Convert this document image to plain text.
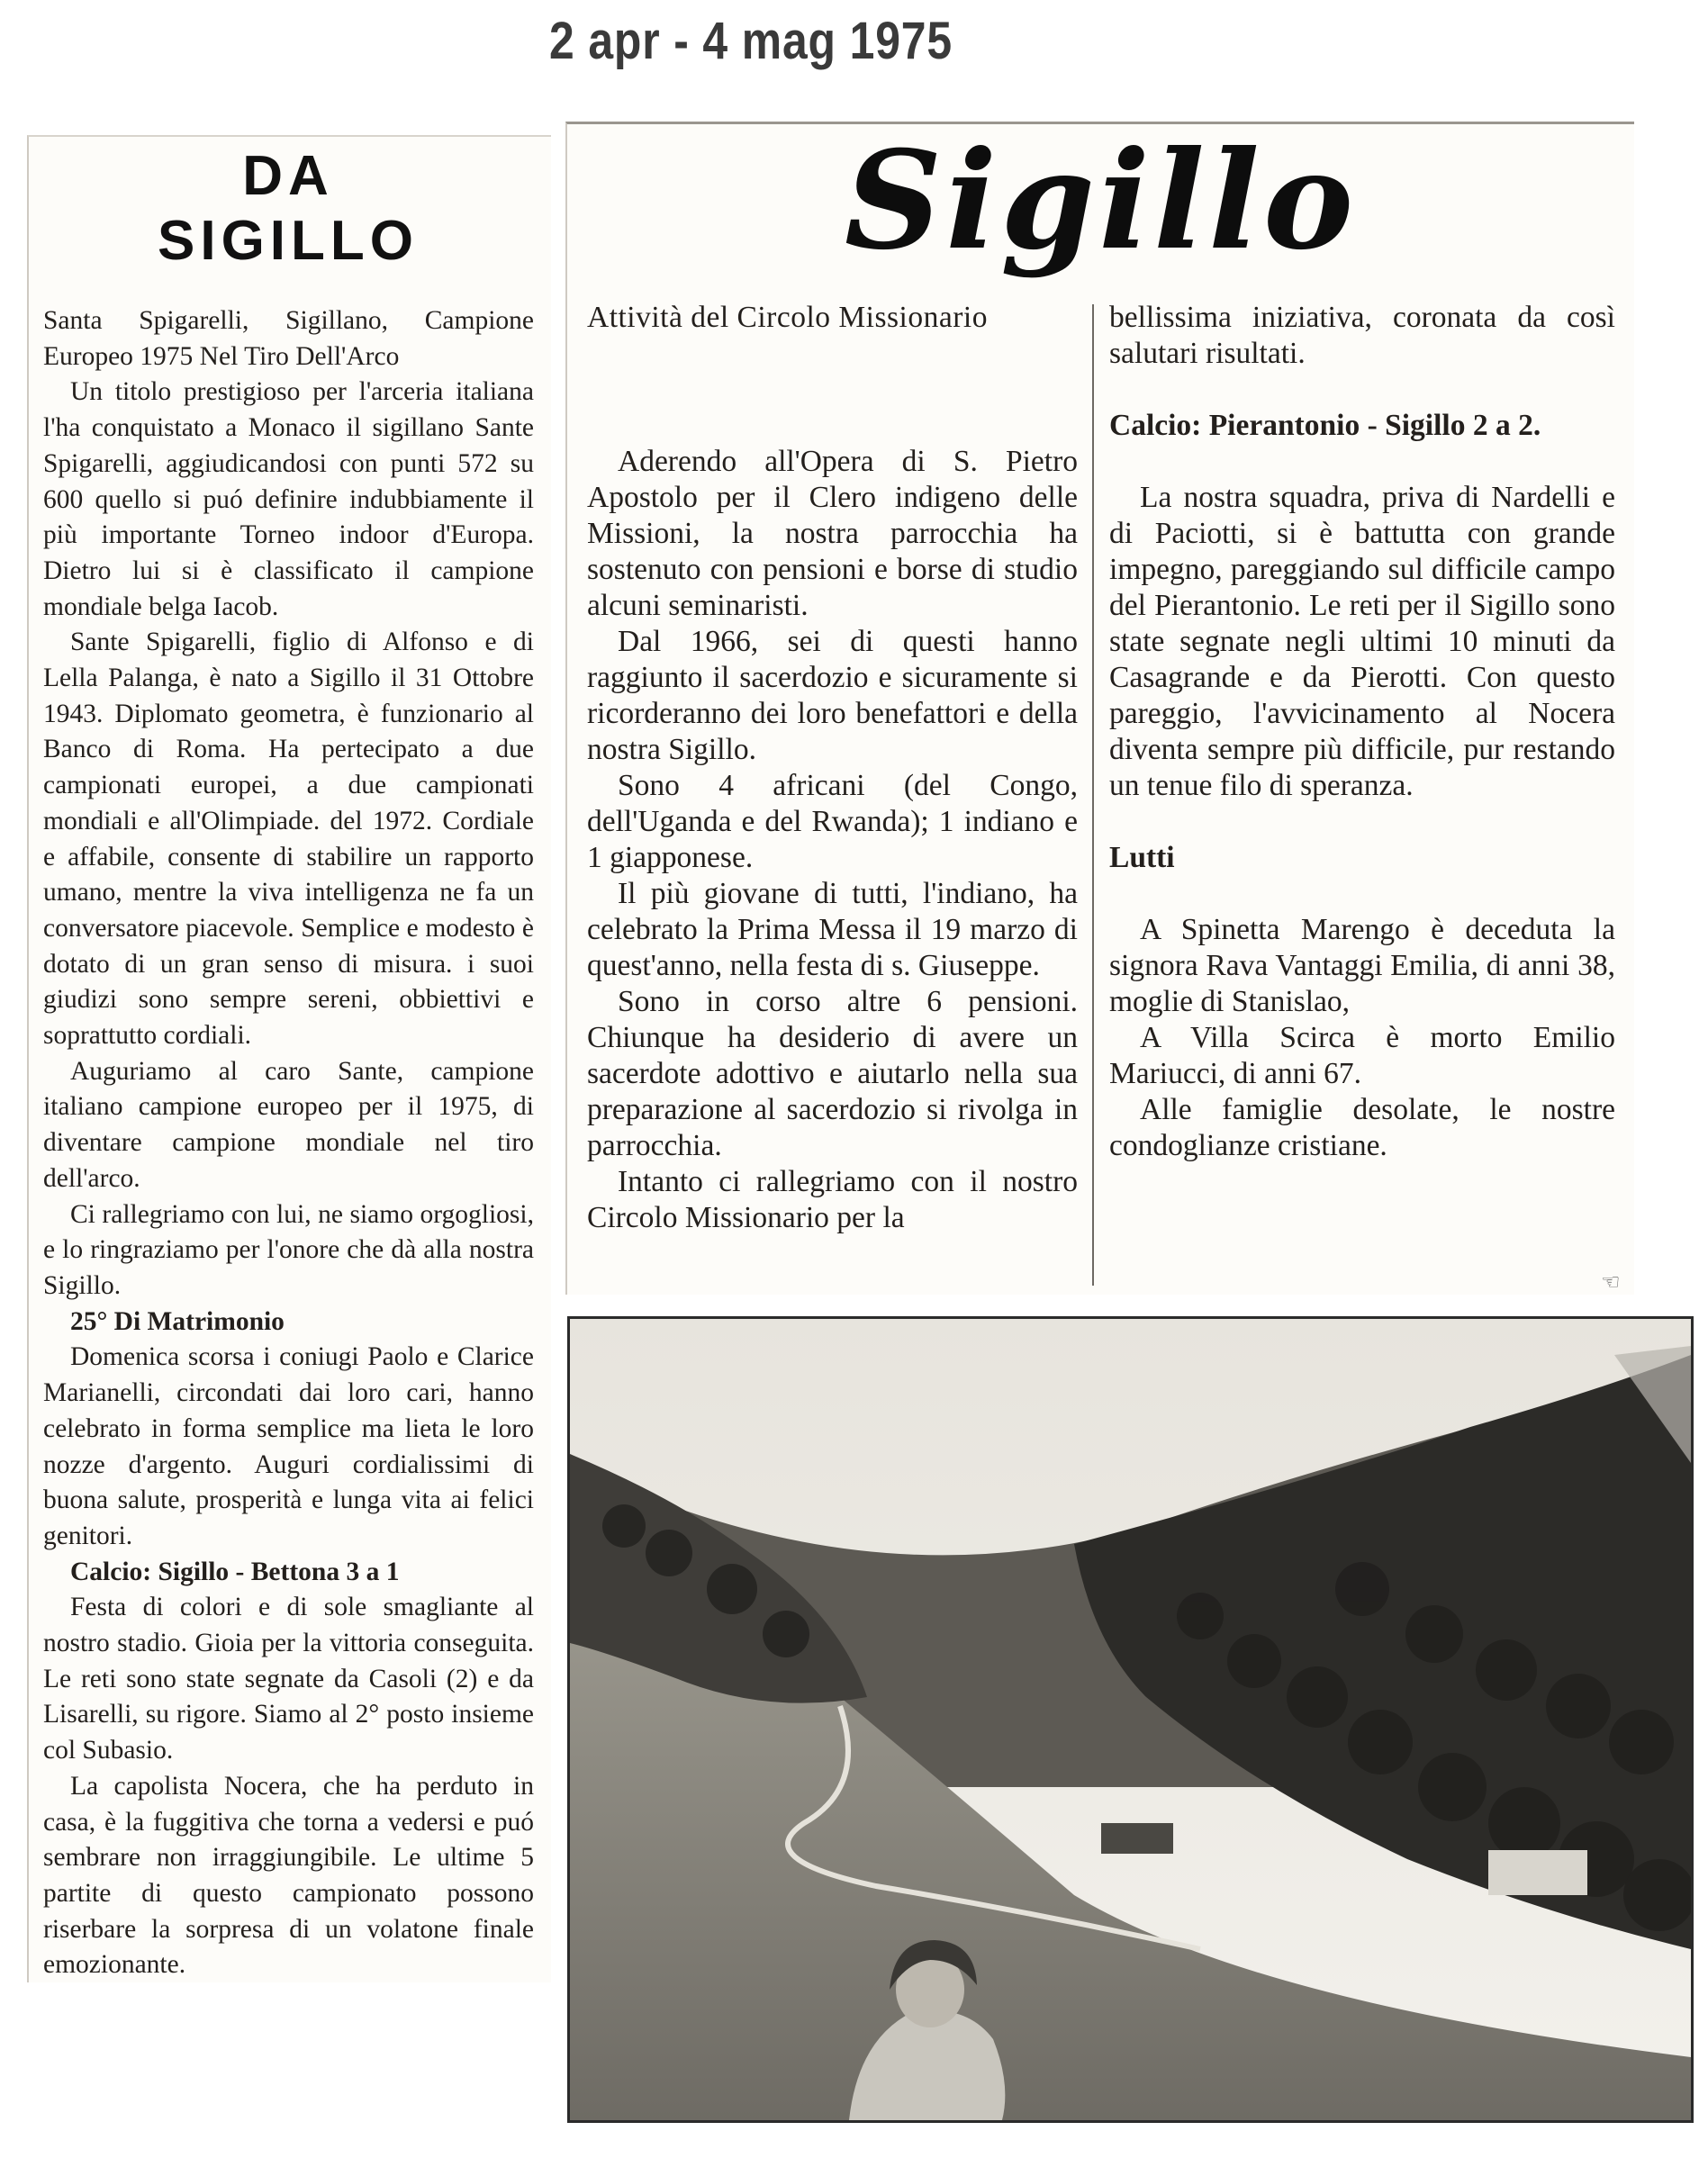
2 apr - 4 mag 1975
DA
SIGILLO

Santa Spigarelli, Sigillano, Campione Europeo 1975 Nel Tiro Dell'Arco

Un titolo prestigioso per l'arceria italiana l'ha conquistato a Monaco il sigillano Sante Spigarelli, aggiudicandosi con punti 572 su 600 quello si puó definire indubbiamente il più importante Torneo indoor d'Europa. Dietro lui si è classificato il campione mondiale belga Iacob.

Sante Spigarelli, figlio di Alfonso e di Lella Palanga, è nato a Sigillo il 31 Ottobre 1943. Diplomato geometra, è funzionario al Banco di Roma. Ha pertecipato a due campionati europei, a due campionati mondiali e all'Olimpiade. del 1972. Cordiale e affabile, consente di stabilire un rapporto umano, mentre la viva intelligenza ne fa un conversatore piacevole. Semplice e modesto è dotato di un gran senso di misura. i suoi giudizi sono sempre sereni, obbiettivi e soprattutto cordiali.

Auguriamo al caro Sante, campione italiano campione europeo per il 1975, di diventare campione mondiale nel tiro dell'arco.

Ci rallegriamo con lui, ne siamo orgogliosi, e lo ringraziamo per l'onore che dà alla nostra Sigillo.

25° Di Matrimonio

Domenica scorsa i coniugi Paolo e Clarice Marianelli, circondati dai loro cari, hanno celebrato in forma semplice ma lieta le loro nozze d'argento. Auguri cordialissimi di buona salute, prosperità e lunga vita ai felici genitori.

Calcio: Sigillo - Bettona 3 a 1

Festa di colori e di sole smagliante al nostro stadio. Gioia per la vittoria conseguita. Le reti sono state segnate da Casoli (2) e da Lisarelli, su rigore. Siamo al 2° posto insieme col Subasio.

La capolista Nocera, che ha perduto in casa, è la fuggitiva che torna a vedersi e puó sembrare non irraggiungibile. Le ultime 5 partite di questo campionato possono riserbare la sorpresa di un volatone finale emozionante.

Sigillo

Attività del Circolo Missionario

Aderendo all'Opera di S. Pietro Apostolo per il Clero indigeno delle Missioni, la nostra parrocchia ha sostenuto con pensioni e borse di studio alcuni seminaristi.

Dal 1966, sei di questi hanno raggiunto il sacerdozio e sicuramente si ricorderanno dei loro benefattori e della nostra Sigillo.

Sono 4 africani (del Congo, dell'Uganda e del Rwanda); 1 indiano e 1 giapponese.

Il più giovane di tutti, l'indiano, ha celebrato la Prima Messa il 19 marzo di quest'anno, nella festa di s. Giuseppe.

Sono in corso altre 6 pensioni. Chiunque ha desiderio di avere un sacerdote adottivo e aiutarlo nella sua preparazione al sacerdozio si rivolga in parrocchia.

Intanto ci rallegriamo con il nostro Circolo Missionario per la

bellissima iniziativa, coronata da così salutari risultati.

Calcio: Pierantonio - Sigillo 2 a 2.

La nostra squadra, priva di Nardelli e di Paciotti, si è battutta con grande impegno, pareggiando sul difficile campo del Pierantonio. Le reti per il Sigillo sono state segnate negli ultimi 10 minuti da Casagrande e da Pierotti. Con questo pareggio, l'avvicinamento al Nocera diventa sempre più difficile, pur restando un tenue filo di speranza.

Lutti

A Spinetta Marengo è deceduta la signora Rava Vantaggi Emilia, di anni 38, moglie di Stanislao,

A Villa Scirca è morto Emilio Mariucci, di anni 67.

Alle famiglie desolate, le nostre condoglianze cristiane.

☜
